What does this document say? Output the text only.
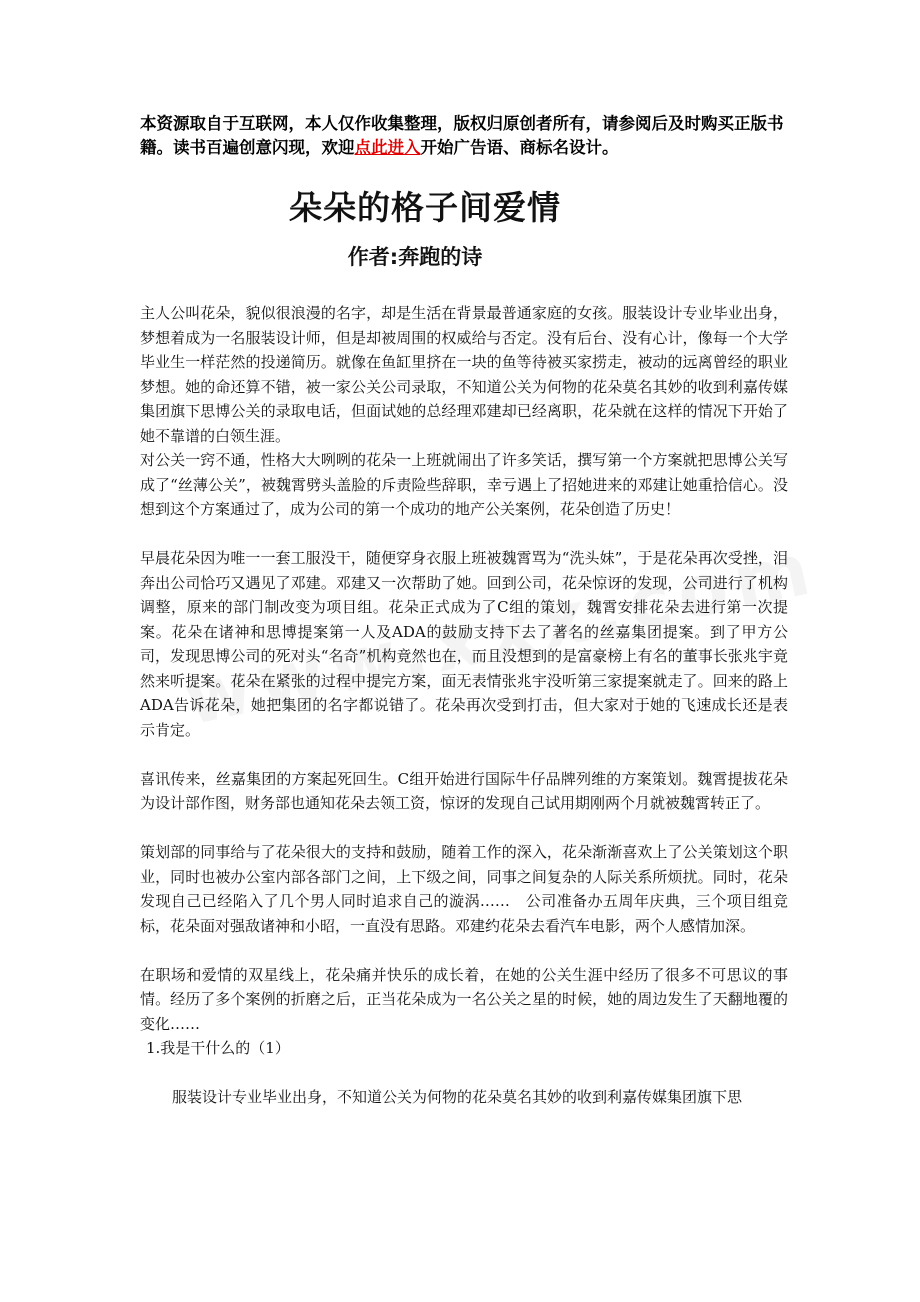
本资源取自于互联网，本人仅作收集整理，版权归原创者所有，请参阅后及时购买正版书籍。读书百遍创意闪现，欢迎点此进入开始广告语、商标名设计。
朵朵的格子间爱情
作者:奔跑的诗

主人公叫花朵，貌似很浪漫的名字，却是生活在背景最普通家庭的女孩。服装设计专业毕业出身，梦想着成为一名服装设计师，但是却被周围的权威给与否定。没有后台、没有心计，像每一个大学毕业生一样茫然的投递简历。就像在鱼缸里挤在一块的鱼等待被买家捞走，被动的远离曾经的职业梦想。她的命还算不错，被一家公关公司录取，不知道公关为何物的花朵莫名其妙的收到利嘉传媒集团旗下思博公关的录取电话，但面试她的总经理邓建却已经离职，花朵就在这样的情况下开始了她不靠谱的白领生涯。

对公关一窍不通，性格大大咧咧的花朵一上班就闹出了许多笑话，撰写第一个方案就把思博公关写成了“丝薄公关”，被魏霄劈头盖脸的斥责险些辞职，幸亏遇上了招她进来的邓建让她重拾信心。没想到这个方案通过了，成为公司的第一个成功的地产公关案例，花朵创造了历史！

早晨花朵因为唯一一套工服没干，随便穿身衣服上班被魏霄骂为“洗头妹”，于是花朵再次受挫，泪奔出公司恰巧又遇见了邓建。邓建又一次帮助了她。回到公司，花朵惊讶的发现，公司进行了机构调整，原来的部门制改变为项目组。花朵正式成为了C组的策划，魏霄安排花朵去进行第一次提案。花朵在诸神和思博提案第一人及ADA的鼓励支持下去了著名的丝嘉集团提案。到了甲方公司，发现思博公司的死对头“名奇”机构竟然也在，而且没想到的是富豪榜上有名的董事长张兆宇竟然来听提案。花朵在紧张的过程中提完方案，面无表情张兆宇没听第三家提案就走了。回来的路上ADA告诉花朵，她把集团的名字都说错了。花朵再次受到打击，但大家对于她的飞速成长还是表示肯定。

喜讯传来，丝嘉集团的方案起死回生。C组开始进行国际牛仔品牌列维的方案策划。魏霄提拔花朵为设计部作图，财务部也通知花朵去领工资，惊讶的发现自己试用期刚两个月就被魏霄转正了。

策划部的同事给与了花朵很大的支持和鼓励，随着工作的深入，花朵渐渐喜欢上了公关策划这个职业，同时也被办公室内部各部门之间，上下级之间，同事之间复杂的人际关系所烦扰。同时，花朵发现自己已经陷入了几个男人同时追求自己的漩涡……　公司准备办五周年庆典，三个项目组竞标，花朵面对强敌诸神和小昭，一直没有思路。邓建约花朵去看汽车电影，两个人感情加深。

在职场和爱情的双星线上，花朵痛并快乐的成长着，在她的公关生涯中经历了很多不可思议的事情。经历了多个案例的折磨之后，正当花朵成为一名公关之星的时候，她的周边发生了天翻地覆的变化……

1.我是干什么的（1）

服装设计专业毕业出身，不知道公关为何物的花朵莫名其妙的收到利嘉传媒集团旗下思
